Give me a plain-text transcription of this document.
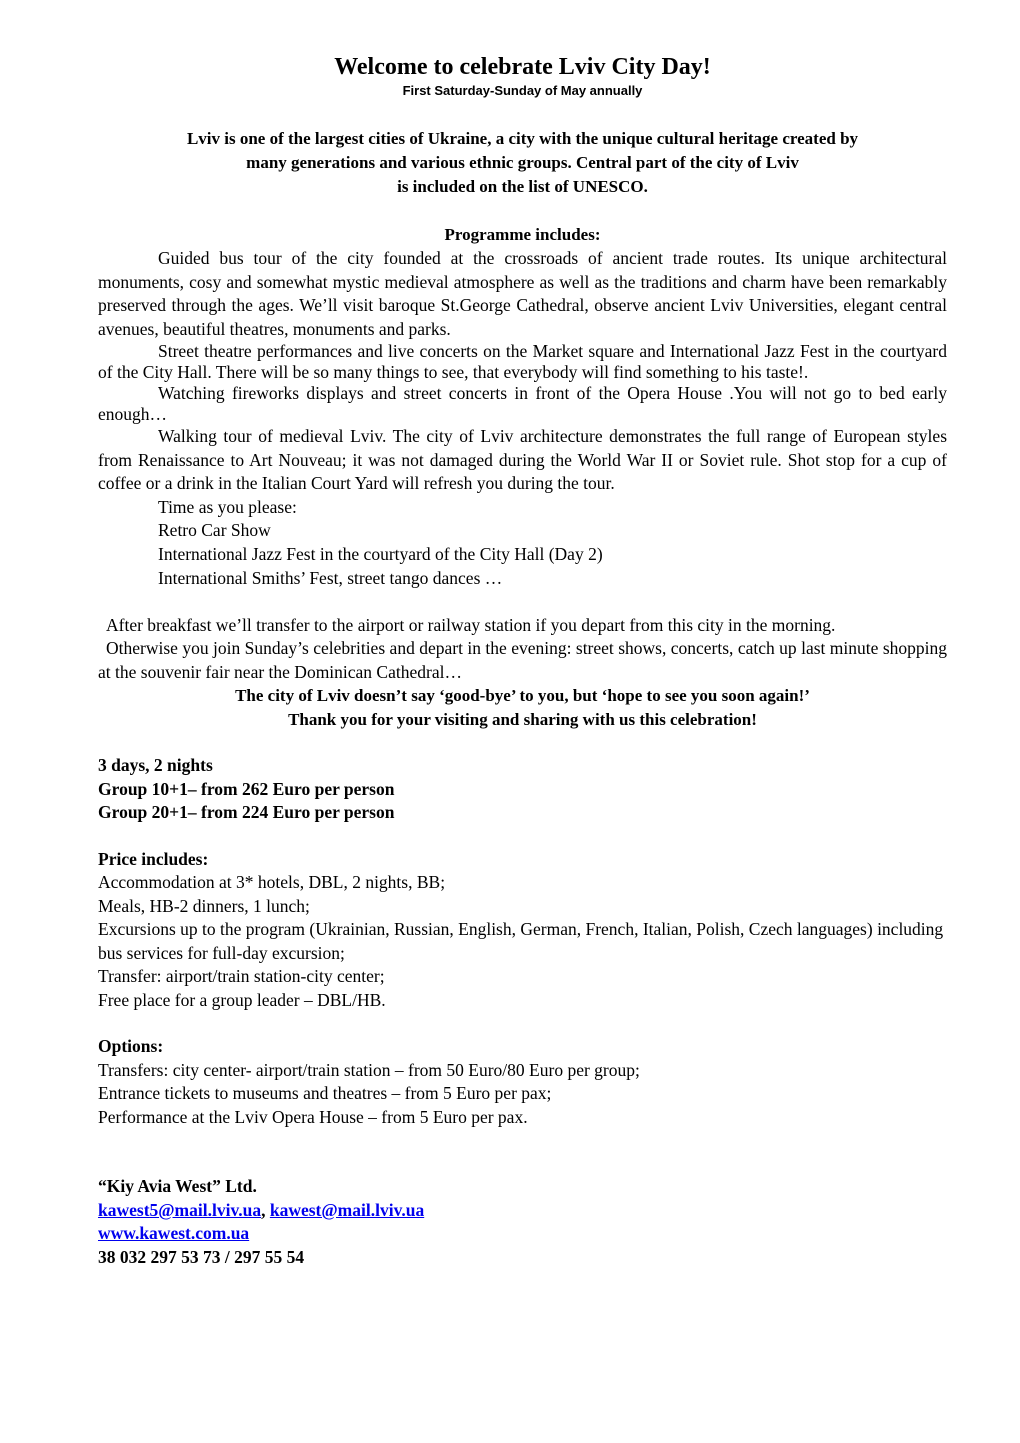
Welcome to celebrate Lviv City Day!

First Saturday-Sunday of May annually

Lviv is one of the largest cities of Ukraine, a city with the unique cultural heritage created by

many generations and various ethnic groups. Central part of the city of Lviv

is included on the list of UNESCO.

Programme includes:

Guided bus tour of the city founded at the crossroads of ancient trade routes. Its unique architectural monuments, cosy and somewhat mystic medieval atmosphere as well as the traditions and charm have been remarkably preserved through the ages. We’ll visit baroque St.George Cathedral, observe ancient Lviv Universities, elegant central avenues, beautiful theatres, monuments and parks.

Street theatre performances and live concerts on the Market square and International Jazz Fest in the courtyard of the City Hall. There will be so many things to see, that everybody will find something to his taste!.

Watching fireworks displays and street concerts in front of the Opera House .You will not go to bed early enough…

Walking tour of medieval Lviv. The city of Lviv architecture demonstrates the full range of European styles from Renaissance to Art Nouveau; it was not damaged during the World War II or Soviet rule. Shot stop for a cup of coffee or a drink in the Italian Court Yard will refresh you during the tour.

Time as you please:

Retro Car Show

International Jazz Fest in the courtyard of the City Hall (Day 2)

International Smiths’ Fest, street tango dances …

After breakfast we’ll transfer to the airport or railway station if you depart from this city in the morning.

Otherwise you join Sunday’s celebrities and depart in the evening: street shows, concerts, catch up last minute shopping at the souvenir fair near the Dominican Cathedral…

The city of Lviv doesn’t say ‘good-bye’ to you, but ‘hope to see you soon again!’

Thank you for your visiting and sharing with us this celebration!

3 days, 2 nights

Group 10+1– from 262 Euro per person

Group 20+1– from 224 Euro per person

Price includes:

Accommodation at 3* hotels, DBL, 2 nights, BB;

Meals, HB-2 dinners, 1 lunch;

Excursions up to the program (Ukrainian, Russian, English, German, French, Italian, Polish, Czech languages) including bus services for full-day excursion;

Transfer: airport/train station-city center;

Free place for a group leader – DBL/HB.

Options:

Transfers: city center- airport/train station – from 50 Euro/80 Euro per group;

Entrance tickets to museums and theatres – from 5 Euro per pax;

Performance at the Lviv Opera House – from 5 Euro per pax.

“Kiy Avia West” Ltd.

kawest5@mail.lviv.ua, kawest@mail.lviv.ua

www.kawest.com.ua

38 032 297 53 73 / 297 55 54
